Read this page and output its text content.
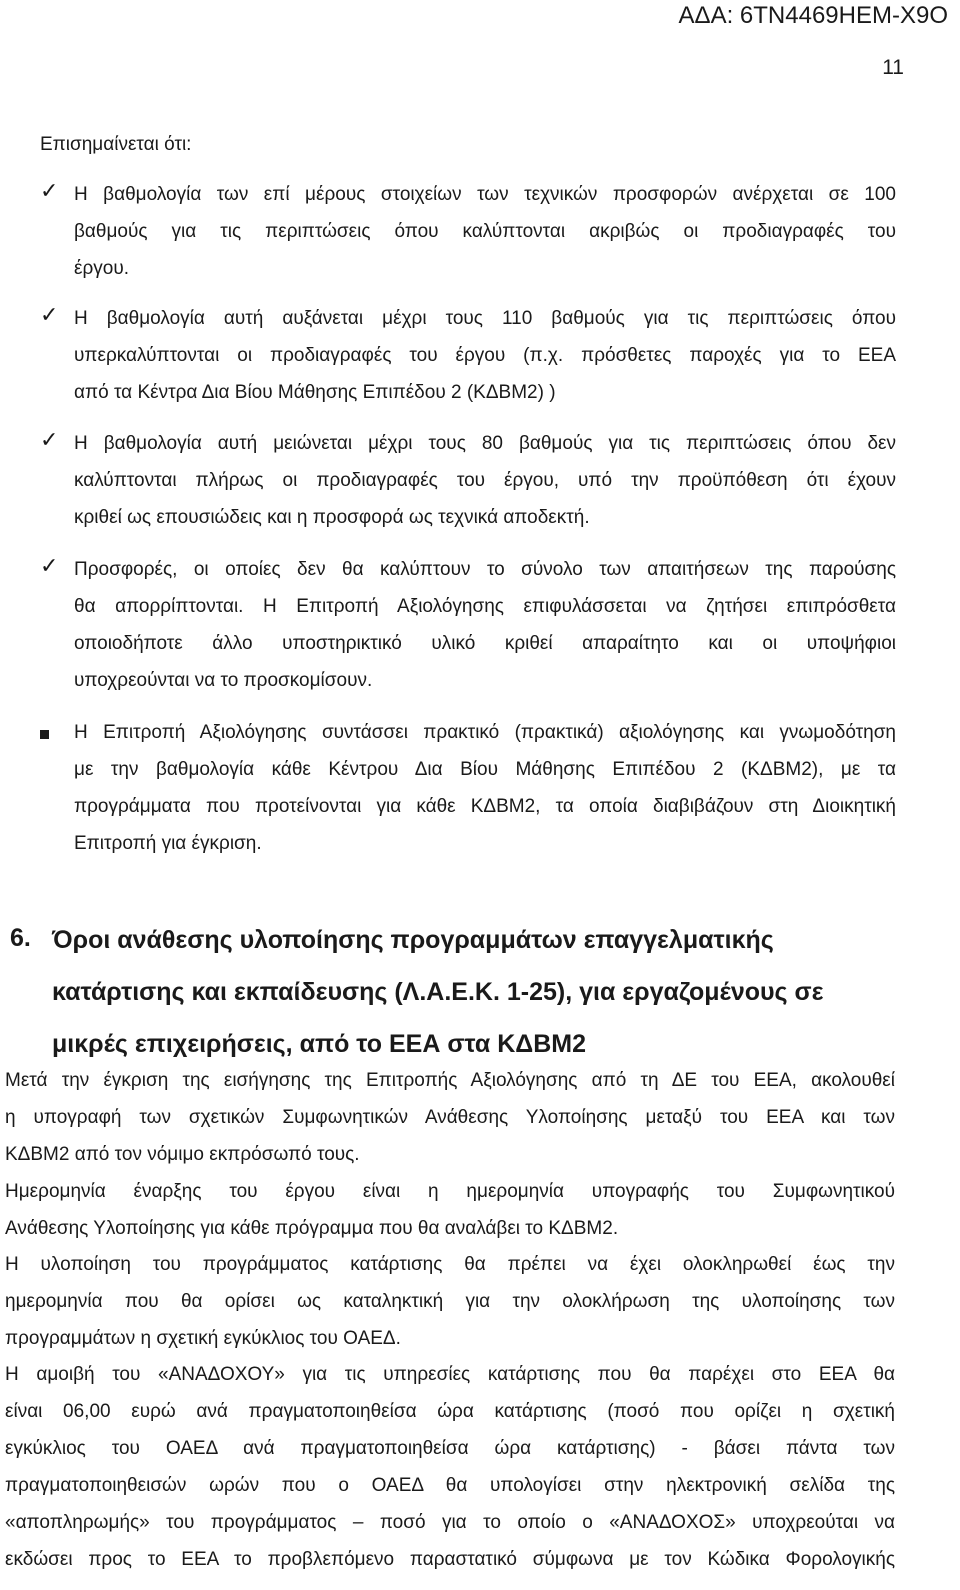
ΑΔΑ: 6ΤΝ4469ΗΕΜ-Χ9Ο
11
Επισημαίνεται ότι:
✓ Η βαθμολογία των επί μέρους στοιχείων των τεχνικών προσφορών ανέρχεται σε 100
βαθμούς για τις περιπτώσεις όπου καλύπτονται ακριβώς οι προδιαγραφές του
έργου.
✓ Η βαθμολογία αυτή αυξάνεται μέχρι τους 110 βαθμούς για τις περιπτώσεις όπου
υπερκαλύπτονται οι προδιαγραφές του έργου (π.χ. πρόσθετες παροχές για το ΕΕΑ
από τα Κέντρα Δια Βίου Μάθησης Επιπέδου 2 (ΚΔΒΜ2) )
✓ Η βαθμολογία αυτή μειώνεται μέχρι τους 80 βαθμούς για τις περιπτώσεις όπου δεν
καλύπτονται πλήρως οι προδιαγραφές του έργου, υπό την προϋπόθεση ότι έχουν
κριθεί ως επουσιώδεις και η προσφορά ως τεχνικά αποδεκτή.
✓ Προσφορές, οι οποίες δεν θα καλύπτουν το σύνολο των απαιτήσεων της παρούσης
θα απορρίπτονται. Η Επιτροπή Αξιολόγησης επιφυλάσσεται να ζητήσει επιπρόσθετα
οποιοδήποτε άλλο υποστηρικτικό υλικό κριθεί απαραίτητο και οι υποψήφιοι
υποχρεούνται να το προσκομίσουν.
Η Επιτροπή Αξιολόγησης συντάσσει πρακτικό (πρακτικά) αξιολόγησης και γνωμοδότηση
με την βαθμολογία κάθε Κέντρου Δια Βίου Μάθησης Επιπέδου 2 (ΚΔΒΜ2), με τα
προγράμματα που προτείνονται για κάθε ΚΔΒΜ2, τα οποία διαβιβάζουν στη Διοικητική
Επιτροπή για έγκριση.
6. Όροι ανάθεσης υλοποίησης προγραμμάτων επαγγελματικής
κατάρτισης και εκπαίδευσης (Λ.Α.Ε.Κ. 1-25), για εργαζομένους σε
μικρές επιχειρήσεις, από το ΕΕΑ στα ΚΔΒΜ2
Μετά την έγκριση της εισήγησης της Επιτροπής Αξιολόγησης από τη ΔΕ του ΕΕΑ, ακολουθεί
η υπογραφή των σχετικών Συμφωνητικών Ανάθεσης Υλοποίησης μεταξύ του ΕΕΑ και των
ΚΔΒΜ2 από τον νόμιμο εκπρόσωπό τους.
Ημερομηνία έναρξης του έργου είναι η ημερομηνία υπογραφής του Συμφωνητικού
Ανάθεσης Υλοποίησης για κάθε πρόγραμμα που θα αναλάβει το ΚΔΒΜ2.
Η υλοποίηση του προγράμματος κατάρτισης θα πρέπει να έχει ολοκληρωθεί έως την
ημερομηνία που θα ορίσει ως καταληκτική για την ολοκλήρωση της υλοποίησης των
προγραμμάτων η σχετική εγκύκλιος του ΟΑΕΔ.
Η αμοιβή του «ΑΝΑΔΟΧΟΥ» για τις υπηρεσίες κατάρτισης που θα παρέχει στο ΕΕΑ θα
είναι 06,00 ευρώ ανά πραγματοποιηθείσα ώρα κατάρτισης (ποσό που ορίζει η σχετική
εγκύκλιος του ΟΑΕΔ ανά πραγματοποιηθείσα ώρα κατάρτισης) - βάσει πάντα των
πραγματοποιηθεισών ωρών που ο ΟΑΕΔ θα υπολογίσει στην ηλεκτρονική σελίδα της
«αποπληρωμής» του προγράμματος – ποσό για το οποίο ο «ΑΝΑΔΟΧΟΣ» υποχρεούται να
εκδώσει προς το ΕΕΑ το προβλεπόμενο παραστατικό σύμφωνα με τον Κώδικα Φορολογικής
